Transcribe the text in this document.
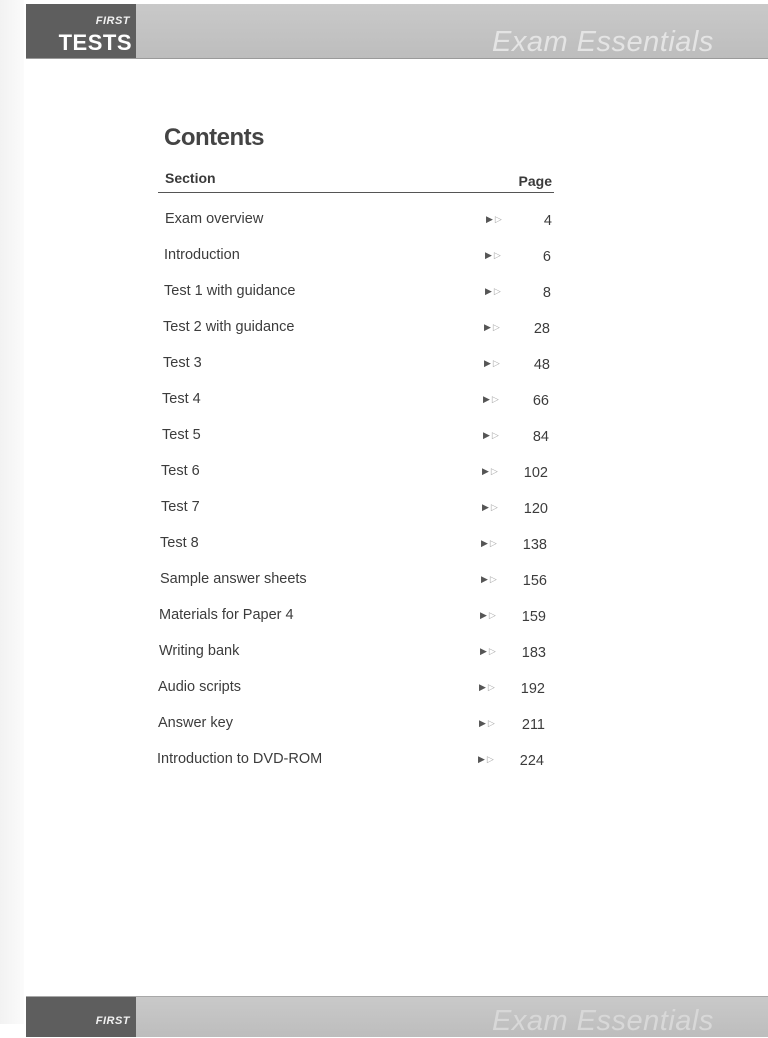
FIRST
TESTS	Exam Essentials
Contents
Section	Page
Exam overview	▶▷	4
Introduction	▶▷	6
Test 1 with guidance	▶▷	8
Test 2 with guidance	▶▷	28
Test 3	▶▷	48
Test 4	▶▷	66
Test 5	▶▷	84
Test 6	▶▷	102
Test 7	▶▷	120
Test 8	▶▷	138
Sample answer sheets	▶▷	156
Materials for Paper 4	▶▷	159
Writing bank	▶▷	183
Audio scripts	▶▷	192
Answer key	▶▷	211
Introduction to DVD-ROM	▶▷	224
FIRST	Exam Essentials
